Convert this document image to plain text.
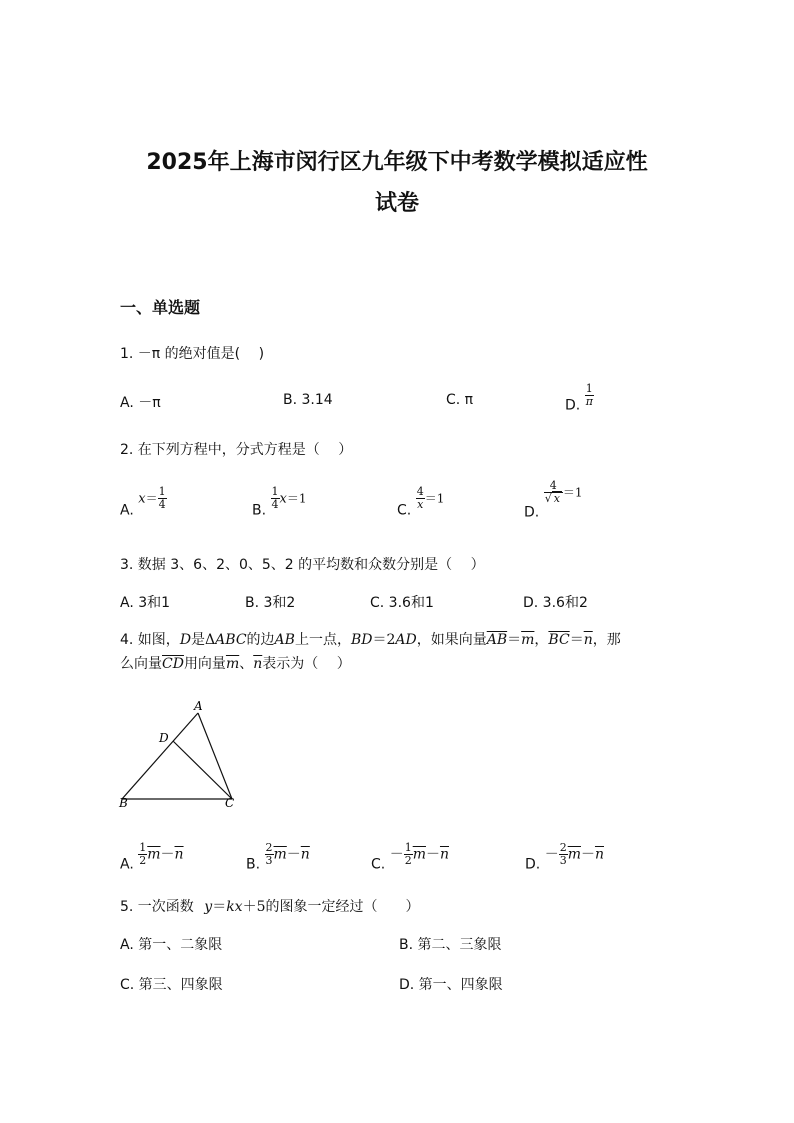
2025年上海市闵行区九年级下中考数学模拟适应性
试卷
一、单选题
1. －π 的绝对值是(　 )
A. －π	B. 3.14	C. π	D. $\frac{1}{\pi}$
2. 在下列方程中，分式方程是（　 ）
A. $x= \frac{1}{4}$	B. $\frac{1}{4} x=1$
C. $\frac{4}{x} =1$
D.
$\frac{4}{√ x} =1$
3. 数据 3、6、2、0、5、2 的平均数和众数分别是（　 ）
A. 3和1	B. 3和2	C. 3.6和1	D. 3.6和2
4. 如图，D是ΔABC的边AB上一点，BD＝2AD，如果向量$\overline{AB}=\overline{m}$，$\overline{BC}=\overline{n}$，那
么向量$\overline{CD}$用向量$\overline{m}$、$\overline{n}$表示为（　 ）
A
D
B	C
A. $\frac{1}{2} \overline{m}-\overline{n}$
B. $\frac{2}{3} \overline{m}-\overline{n}$
C. － $\frac{1}{2} \overline{m}-\overline{n}$
D. － $\frac{2}{3} \overline{m}-\overline{n}$
5. 一次函数 y＝kx＋5的图象一定经过（　　）
A. 第一、二象限	B. 第二、三象限
C. 第三、四象限	D. 第一、四象限
